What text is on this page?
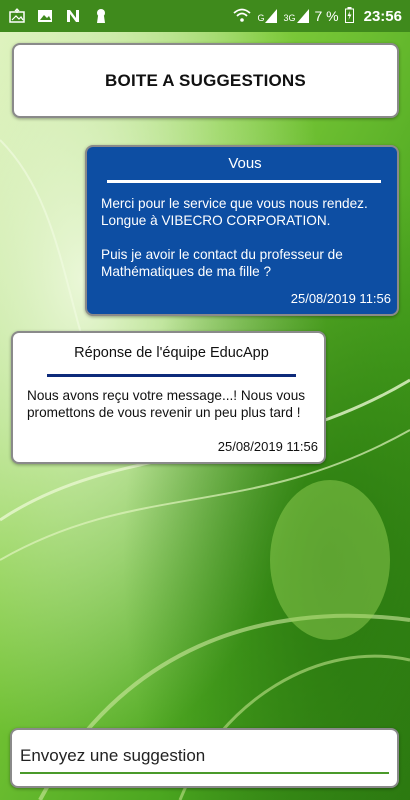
G 3G 7 % 23:56
BOITE A SUGGESTIONS
Vous

Merci pour le service que vous nous rendez. Longue à VIBECRO CORPORATION.

Puis je avoir le contact du professeur de Mathématiques de ma fille ?

25/08/2019 11:56
Réponse de l'équipe EducApp

Nous avons reçu votre message...! Nous vous promettons de vous revenir un peu plus tard !

25/08/2019 11:56
Envoyez une suggestion
